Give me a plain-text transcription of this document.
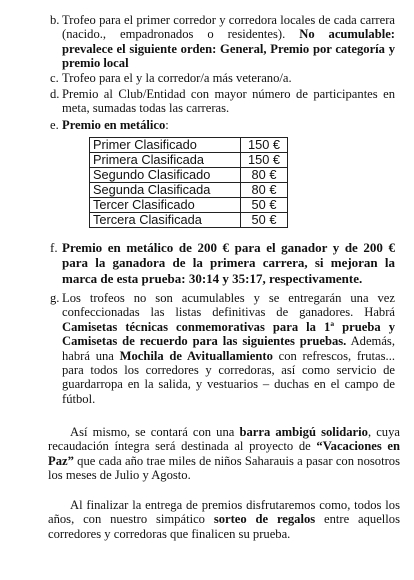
b. Trofeo para el primer corredor y corredora locales de cada carrera (nacido., empadronados o residentes). No acumulable: prevalece el siguiente orden: General, Premio por categoría y premio local
c. Trofeo para el y la corredor/a más veterano/a.
d. Premio al Club/Entidad con mayor número de participantes en meta, sumadas todas las carreras.
e. Premio en metálico:
Primer Clasificado	150 €
Primera Clasificada	150 €
Segundo Clasificado	80 €
Segunda Clasificada	80 €
Tercer Clasificado	50 €
Tercera Clasificada	50 €
f. Premio en metálico de 200 € para el ganador y de 200 € para la ganadora de la primera carrera, si mejoran la marca de esta prueba: 30:14 y 35:17, respectivamente.
g. Los trofeos no son acumulables y se entregarán una vez confeccionadas las listas definitivas de ganadores. Habrá Camisetas técnicas conmemorativas para la 1ª prueba y Camisetas de recuerdo para las siguientes pruebas. Además, habrá una Mochila de Avituallamiento con refrescos, frutas... para todos los corredores y corredoras, así como servicio de guardarropa en la salida, y vestuarios – duchas en el campo de fútbol.
Así mismo, se contará con una barra ambigú solidario, cuya recaudación íntegra será destinada al proyecto de “Vacaciones en Paz” que cada año trae miles de niños Saharauis a pasar con nosotros los meses de Julio y Agosto.
Al finalizar la entrega de premios disfrutaremos como, todos los años, con nuestro simpático sorteo de regalos entre aquellos corredores y corredoras que finalicen su prueba.
